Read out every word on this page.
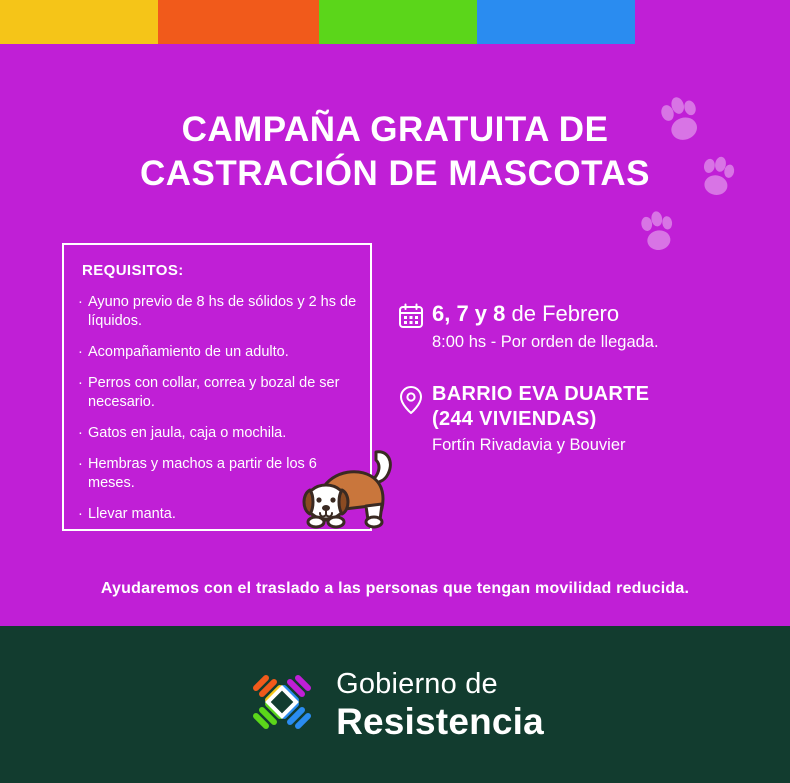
CAMPAÑA GRATUITA DE
CASTRACIÓN DE MASCOTAS
REQUISITOS:
· Ayuno previo de 8 hs de sólidos y 2 hs de líquidos.
· Acompañamiento de un adulto.
· Perros con collar, correa y bozal de ser necesario.
· Gatos en jaula, caja o mochila.
· Hembras y machos a partir de los 6 meses.
· Llevar manta.
6, 7 y 8 de Febrero
8:00 hs - Por orden de llegada.
BARRIO EVA DUARTE
(244 VIVIENDAS)
Fortín Rivadavia y Bouvier
Ayudaremos con el traslado a las personas que tengan movilidad reducida.
Gobierno de
Resistencia
